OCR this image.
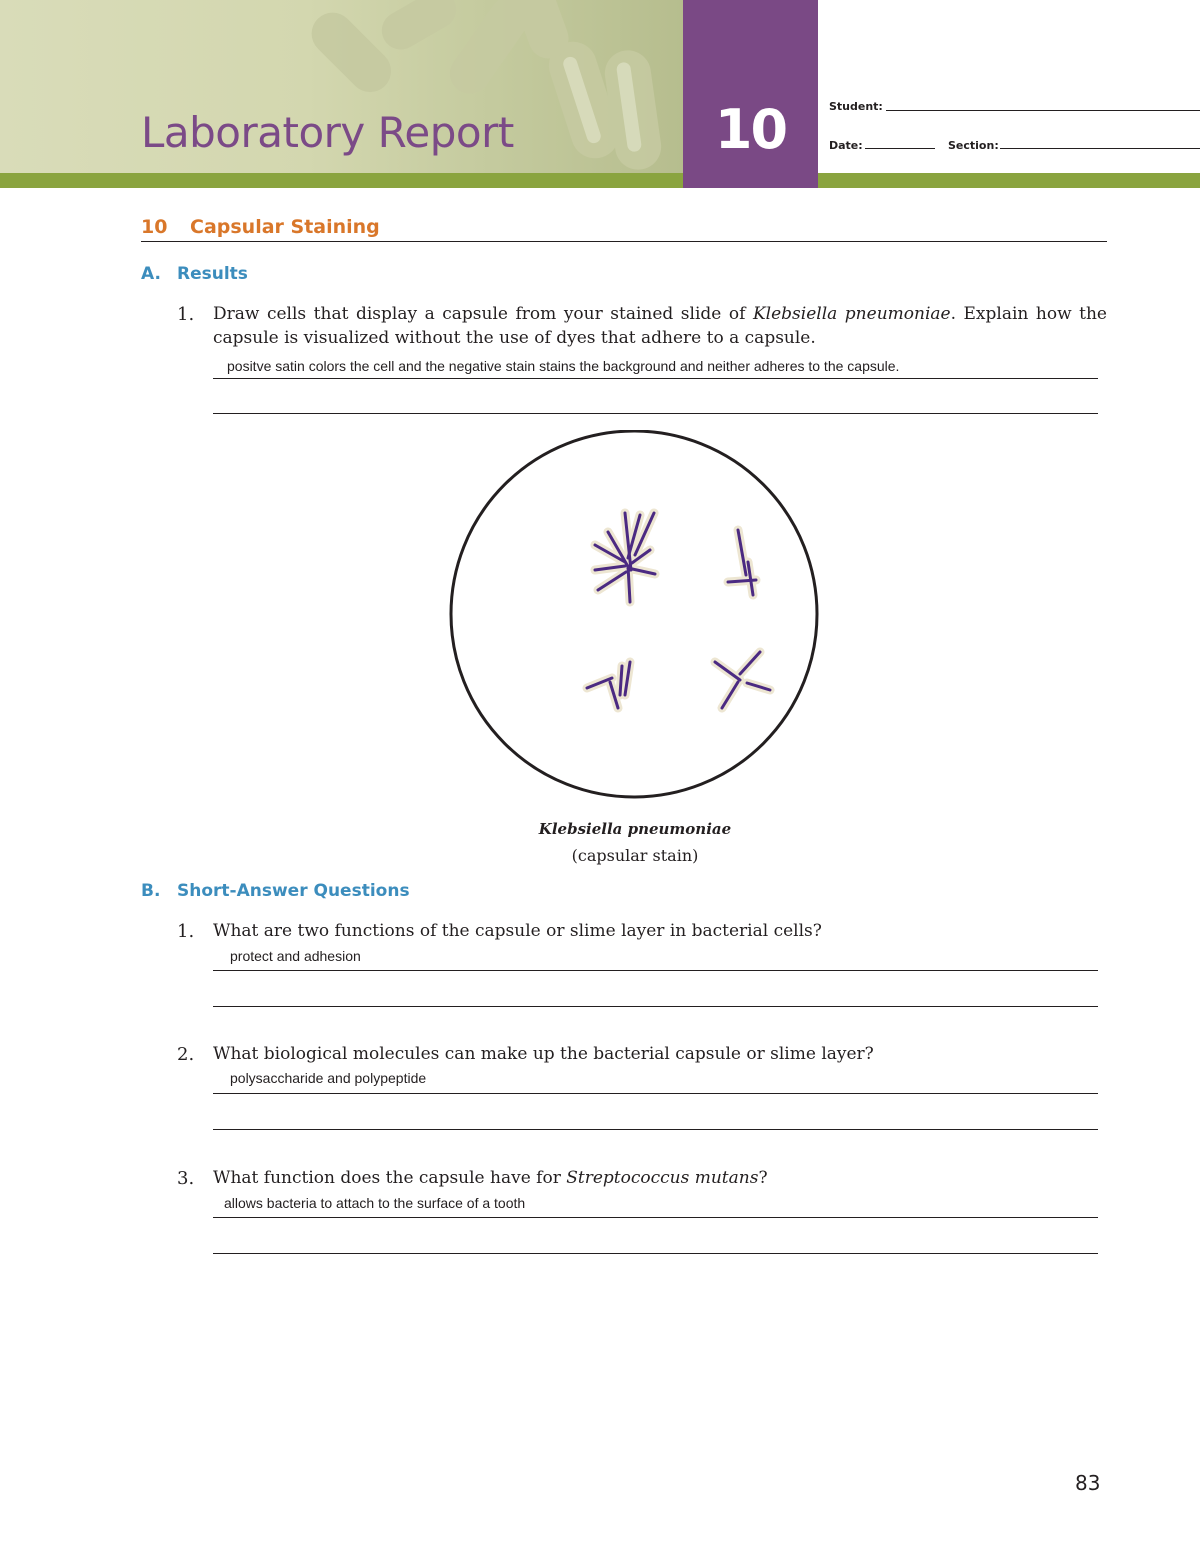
Laboratory Report	10	Student:
Date:	Section:
10 Capsular Staining
A. Results
1. Draw cells that display a capsule from your stained slide of Klebsiella pneumoniae. Explain how the capsule is visualized without the use of dyes that adhere to a capsule.
positve satin colors the cell and the negative stain stains the background and neither adheres to the capsule.
Klebsiella pneumoniae
(capsular stain)
B. Short-Answer Questions
1. What are two functions of the capsule or slime layer in bacterial cells?
protect and adhesion
2. What biological molecules can make up the bacterial capsule or slime layer?
polysaccharide and polypeptide
3. What function does the capsule have for Streptococcus mutans?
allows bacteria to attach to the surface of a tooth
83
